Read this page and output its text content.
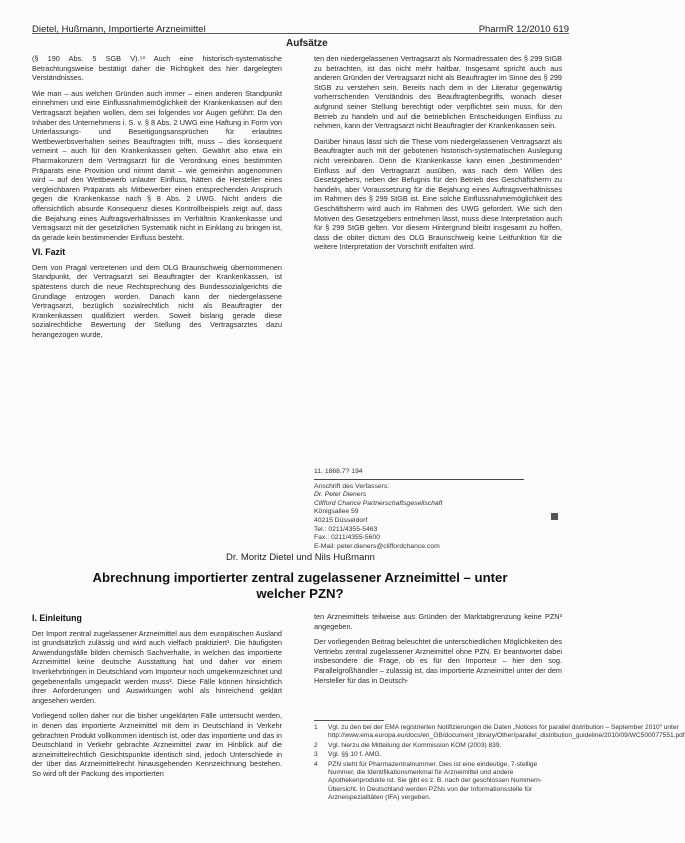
Dietel, Hußmann, Importierte Arzneimittel	PharmR 12/2010 619
Aufsätze

(§ 190 Abs. 5 SGB V).⁵³ Auch eine historisch-systematische Betrachtungsweise bestätigt daher die Richtigkeit des hier dargelegten Verständnisses.

Wie man – aus welchen Gründen auch immer – einen anderen Standpunkt einnehmen und eine Einflussnahmemöglichkeit der Krankenkassen auf den Vertragsarzt bejahen wollen, dem sei folgendes vor Augen geführt: Da den Inhaber des Unternehmens i. S. v. § 8 Abs. 2 UWG eine Haftung in Form von Unterlassungs- und Beseitigungsansprüchen für erlaubtes Wettbewerbsverhalten seines Beauftragten trifft, muss – dies konsequent verneint – auch für den Krankenkassen gelten. Gewährt also etwa ein Pharmakonzern dem Vertragsarzt für die Verordnung eines bestimmten Präparats eine Provision und nimmt damit – wie gemeinhin angenommen wird – auf den Wettbewerb unlauter Einfluss, hätten die Hersteller eines vergleichbaren Präparats als Mitbewerber einen entsprechenden Anspruch gegen die Krankenkasse nach § 8 Abs. 2 UWG. Nicht anders die offensichtlich absurde Konsequenz dieses Kontrollbeispiels zeigt auf, dass die Bejahung eines Auftragsverhältnisses im Verhältnis Krankenkasse und Vertragsarzt mit der gesetzlichen Systematik nicht in Einklang zu bringen ist, da gerade kein bestimmender Einfluss besteht.

VI. Fazit

Dem von Pragal vertretenen und dem OLG Braunschweig übernommenen Standpunkt, der Vertragsarzt sei Beauftragter der Krankenkassen, ist spätestens durch die neue Rechtsprechung des Bundessozialgerichts die Grundlage entzogen worden. Danach kann der niedergelassene Vertragsarzt, bezüglich sozialrechtlich nicht als Beauftragter der Krankenkassen qualifiziert werden. Soweit bislang gerade diese sozialrechtliche Bewertung der Stellung des Vertragsarztes dazu herangezogen wurde,

ten den niedergelassenen Vertragsarzt als Normadressaten des § 299 StGB zu betrachten, ist das nicht mehr haltbar. Insgesamt spricht auch aus anderen Gründen der Vertragsarzt nicht als Beauftragter im Sinne des § 299 StGB zu verstehen sein. Bereits nach dem in der Literatur gegenwärtig vorherrschenden Verständnis des Beauftragtenbegriffs, wonach dieser aufgrund seiner Stellung berechtigt oder verpflichtet sein muss, für den Betrieb zu handeln und auf die betrieblichen Entscheidungen Einfluss zu nehmen, kann der Vertragsarzt nicht Beauftragter der Krankenkassen sein.

Darüber hinaus lässt sich die These vom niedergelassenen Vertragsarzt als Beauftragter auch mit der gebotenen historisch-systematischen Auslegung nicht vereinbaren. Denn die Krankenkasse kann einen „bestimmenden“ Einfluss auf den Vertragsarzt ausüben, was nach dem Willen des Gesetzgebers, neben der Befugnis für den Betrieb des Geschäftsherrn zu handeln, aber Voraussetzung für die Bejahung eines Auftragsverhältnisses im Rahmen des § 299 StGB ist. Eine solche Einflussnahmemöglichkeit des Geschäftsherrn wird auch im Rahmen des UWG gefordert. Wie sich den Motiven des Gesetzgebers entnehmen lässt, muss diese Interpretation auch für § 299 StGB gelten. Vor diesem Hintergrund bleibt insgesamt zu hoffen, dass die obiter dictum des OLG Braunschweig keine Leitfunktion für die weitere Interpretation der Vorschrift entfalten wird.

11. 1868.7? 194
Anschrift des Verfassers:
Dr. Peter Dieners
Clifford Chance Partnerschaftsgesellschaft
Königsallee 59
40215 Düsseldorf
Tel.: 0211/4355-5463
Fax.: 0211/4355-5600
E-Mail: peter.dieners@cliffordchance.com
Dr. Moritz Dietel und Nils Hußmann
Abrechnung importierter zentral zugelassener Arzneimittel – unter welcher PZN?
I. Einleitung

Der Import zentral zugelassener Arzneimittel aus dem europäischen Ausland ist grundsätzlich zulässig und wird auch vielfach praktiziert¹. Die häufigsten Anwendungsfälle bilden chemisch Sachverhalte, in welchen das importierte Arzneimittel keine deutsche Ausstattung hat und daher vor einem Inverkehrbringen in Deutschland vom Importeur noch umgekennzeichnet und gegebenenfalls umgepackt werden muss². Diese Fälle können hinsichtlich ihrer Anforderungen und Auswirkungen wohl als hinreichend geklärt angesehen werden.

Vorliegend sollen daher nur die bisher ungeklärten Fälle untersucht werden, in denen das importierte Arzneimittel mit dem in Deutschland in Verkehr gebrachten Produkt vollkommen identisch ist, oder das importierte und das in Deutschland in Verkehr gebrachte Arzneimittel zwar im Hinblick auf die arzneimittelrechtlich Gesichtspunkte identisch sind, jedoch Unterschiede in der über das Arzneimittelrecht hinausgehenden Kennzeichnung bestehen. So wird oft der Packung des importierten

ten Arzneimittels teilweise aus Gründen der Marktabgrenzung keine PZN³ angegeben.

Der vorliegenden Beitrag beleuchtet die unterschiedlichen Möglichkeiten des Vertriebs zentral zugelassener Arzneimittel ohne PZN. Er beantwortet dabei insbesondere die Frage, ob es für den Importeur – hier den sog. Parallelgroßhändler – zulässig ist, das importierte Arzneimittel unter der dem Hersteller für das in Deutsch-

1	Vgl. zu den bei der EMA registrierten Notifizierungen die Daten „Notices for parallel distribution – September 2010“ unter http://www.ema.europa.eu/docs/en_GB/document_library/Other/parallel_distribution_guideline/2010/09/WC500077551.pdf
2	Vgl. hierzu die Mitteilung der Kommission KOM (2003) 839.
3	Vgl. §§ 10 f. AMG.
4	PZN steht für Pharmazentralnummer. Dies ist eine eindeutige, 7-stellige Nummer, die Identifikationsmerkmal für Arzneimittel und andere Apothekenprodukte ist. Sie gibt es z. B. nach der geschlossen Nummern-Übersicht. In Deutschland werden PZNs von der Informationsstelle für Arzneispezialitäten (IFA) vergeben.
